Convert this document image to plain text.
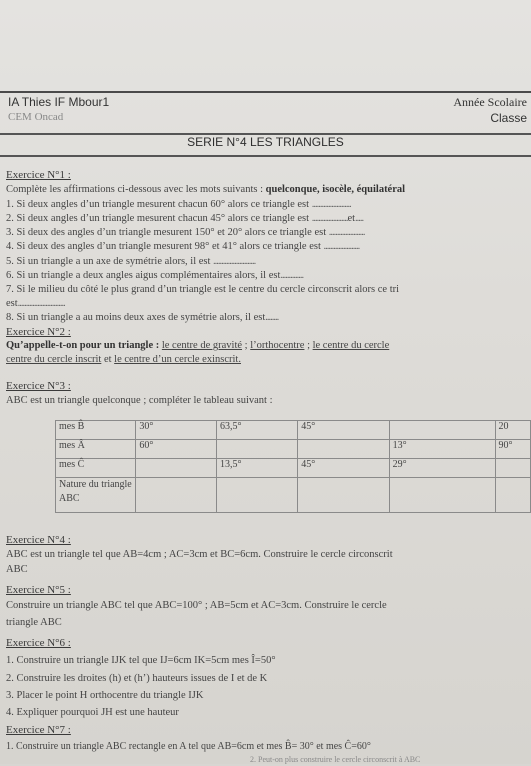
IA Thies IF Mbour1
CEM Oncad
Année Scolaire
Classe
SERIE N°4 LES TRIANGLES
Exercice N°1 :
Complète les affirmations ci-dessous avec les mots suivants : quelconque, isocèle, équilatéral
1. Si deux angles d’un triangle mesurent chacun 60° alors ce triangle est ........................
2. Si deux angles d’un triangle mesurent chacun 45° alors ce triangle est ......................et.....
3. Si deux des angles d’un triangle mesurent 150° et 20° alors ce triangle est ......................
4. Si deux des angles d’un triangle mesurent 98° et 41° alors ce triangle est ......................
5. Si un triangle a un axe de symétrie alors, il est ..........................
6. Si un triangle a deux angles aigus complémentaires alors, il est..............
7. Si le milieu du côté le plus grand d’un triangle est le centre du cercle circonscrit alors ce tri
est.............................
8. Si un triangle a au moins deux axes de symétrie alors, il est........
Exercice N°2 :
Qu’appelle-t-on pour un triangle : le centre de gravité ; l’orthocentre ; le centre du cercle
centre du cercle inscrit et le centre d’un cercle exinscrit.
Exercice N°3 :
ABC est un triangle quelconque ; compléter le tableau suivant :
mes B̂	30°	63,5°	45°		20
mes Â	60°			13°	90°
mes Ĉ		13,5°	45°	29°	
Nature du triangle ABC					
Exercice N°4 :
ABC est un triangle tel que AB=4cm ; AC=3cm et BC=6cm. Construire le cercle circonscrit
ABC
Exercice N°5 :
Construire un triangle ABC tel que ABC=100° ; AB=5cm et AC=3cm. Construire le cercle
triangle ABC
Exercice N°6 :
1. Construire un triangle IJK tel que IJ=6cm IK=5cm mes Î=50°
2. Construire les droites (h) et (h’) hauteurs issues de I et de K
3. Placer le point H orthocentre du triangle IJK
4. Expliquer pourquoi JH est une hauteur
Exercice N°7 :
1. Construire un triangle ABC rectangle en A tel que AB=6cm et mes B̂= 30° et mes Ĉ=60°
2. Peut-on plus construire le cercle circonscrit à ABC
